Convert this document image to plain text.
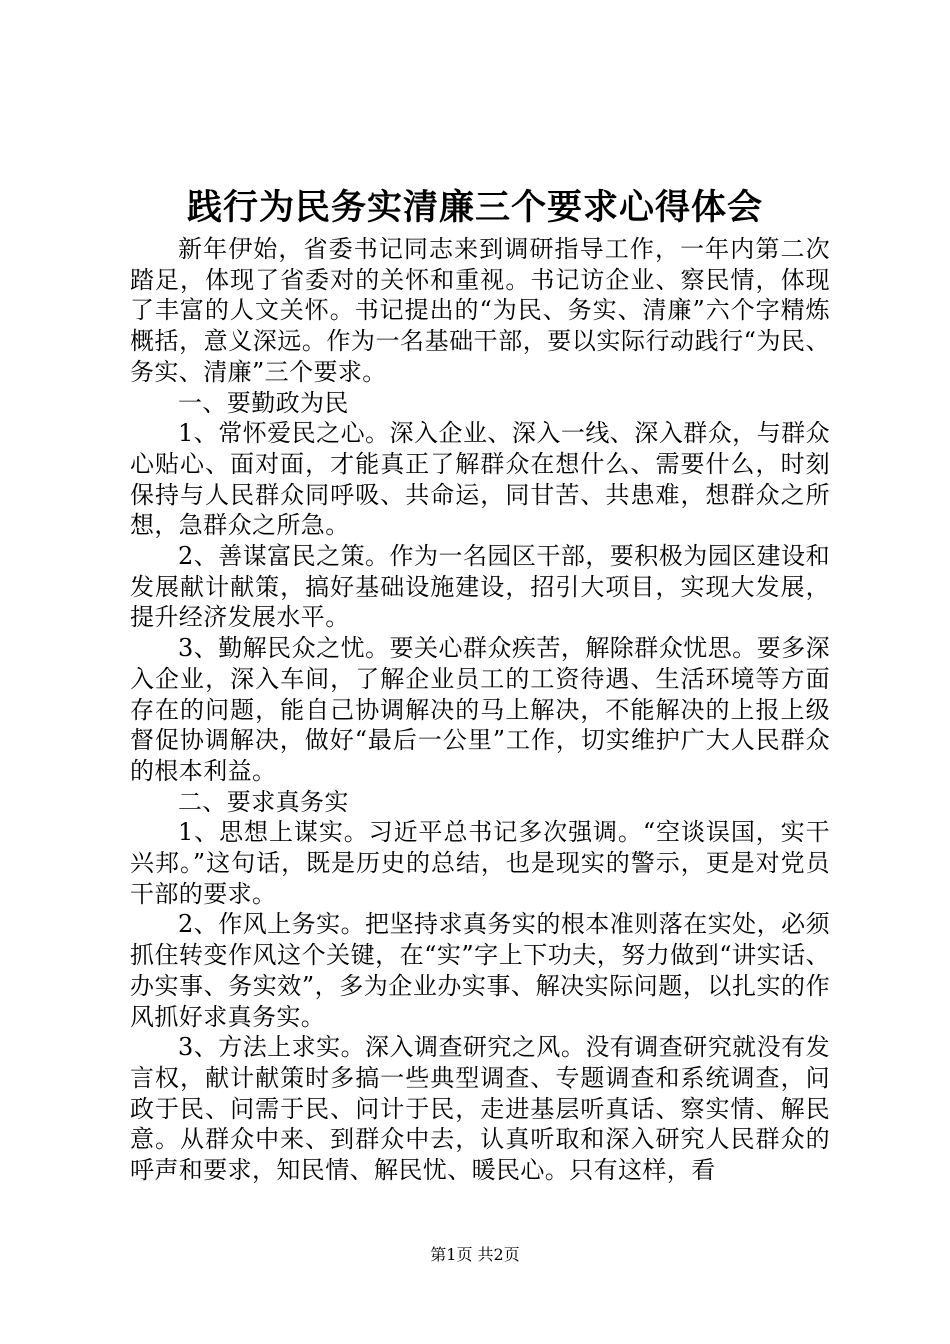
践行为民务实清廉三个要求心得体会

新年伊始，省委书记同志来到调研指导工作，一年内第二次踏足，体现了省委对的关怀和重视。书记访企业、察民情，体现了丰富的人文关怀。书记提出的“为民、务实、清廉”六个字精炼概括，意义深远。作为一名基础干部，要以实际行动践行“为民、务实、清廉”三个要求。

一、要勤政为民

1、常怀爱民之心。深入企业、深入一线、深入群众，与群众心贴心、面对面，才能真正了解群众在想什么、需要什么，时刻保持与人民群众同呼吸、共命运，同甘苦、共患难，想群众之所想，急群众之所急。

2、善谋富民之策。作为一名园区干部，要积极为园区建设和发展献计献策，搞好基础设施建设，招引大项目，实现大发展，提升经济发展水平。

3、勤解民众之忧。要关心群众疾苦，解除群众忧思。要多深入企业，深入车间，了解企业员工的工资待遇、生活环境等方面存在的问题，能自己协调解决的马上解决，不能解决的上报上级督促协调解决，做好“最后一公里”工作，切实维护广大人民群众的根本利益。

二、要求真务实

1、思想上谋实。习近平总书记多次强调。“空谈误国，实干兴邦。”这句话，既是历史的总结，也是现实的警示，更是对党员干部的要求。

2、作风上务实。把坚持求真务实的根本准则落在实处，必须抓住转变作风这个关键，在“实”字上下功夫，努力做到“讲实话、办实事、务实效”，多为企业办实事、解决实际问题，以扎实的作风抓好求真务实。

3、方法上求实。深入调查研究之风。没有调查研究就没有发言权，献计献策时多搞一些典型调查、专题调查和系统调查，问政于民、问需于民、问计于民，走进基层听真话、察实情、解民意。从群众中来、到群众中去，认真听取和深入研究人民群众的呼声和要求，知民情、解民忧、暖民心。只有这样，看

第1页 共2页
